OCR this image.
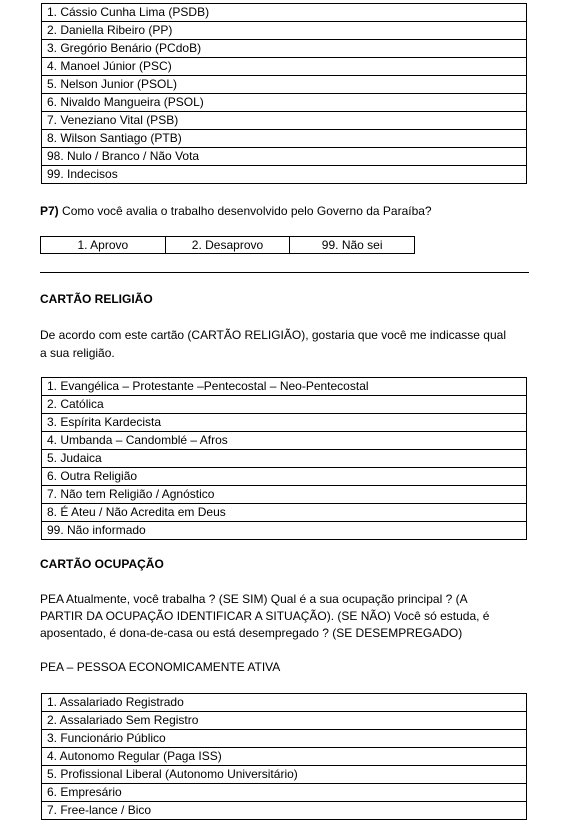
1. Cássio Cunha Lima (PSDB)
2. Daniella Ribeiro (PP)
3. Gregório Benário (PCdoB)
4. Manoel Júnior (PSC)
5. Nelson Junior (PSOL)
6. Nivaldo Mangueira (PSOL)
7. Veneziano Vital (PSB)
8. Wilson Santiago (PTB)
98. Nulo / Branco / Não Vota
99. Indecisos
P7) Como você avalia o trabalho desenvolvido pelo Governo da Paraíba?
1. Aprovo	2. Desaprovo	99. Não sei
CARTÃO RELIGIÃO
De acordo com este cartão (CARTÃO RELIGIÃO), gostaria que você me indicasse qual
a sua religião.
1. Evangélica – Protestante –Pentecostal – Neo-Pentecostal
2. Católica
3. Espírita Kardecista
4. Umbanda – Candomblé – Afros
5. Judaica
6. Outra Religião
7. Não tem Religião / Agnóstico
8. É Ateu / Não Acredita em Deus
99. Não informado
CARTÃO OCUPAÇÃO
PEA Atualmente, você trabalha ? (SE SIM) Qual é a sua ocupação principal ? (A
PARTIR DA OCUPAÇÃO IDENTIFICAR A SITUAÇÃO). (SE NÃO) Você só estuda, é
aposentado, é dona-de-casa ou está desempregado ? (SE DESEMPREGADO)
PEA – PESSOA ECONOMICAMENTE ATIVA
1. Assalariado Registrado
2. Assalariado Sem Registro
3. Funcionário Público
4. Autonomo Regular (Paga ISS)
5. Profissional Liberal (Autonomo Universitário)
6. Empresário
7. Free-lance / Bico
